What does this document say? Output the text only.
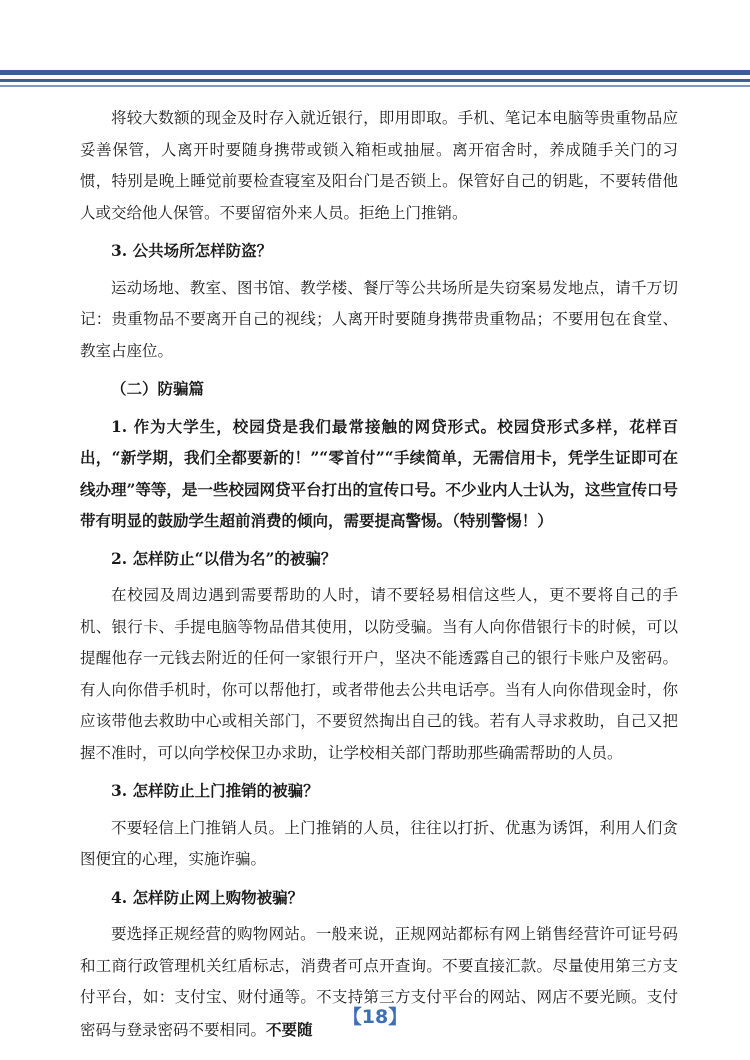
将较大数额的现金及时存入就近银行，即用即取。手机、笔记本电脑等贵重物品应妥善保管，人离开时要随身携带或锁入箱柜或抽屉。离开宿舍时，养成随手关门的习惯，特别是晚上睡觉前要检查寝室及阳台门是否锁上。保管好自己的钥匙，不要转借他人或交给他人保管。不要留宿外来人员。拒绝上门推销。

3. 公共场所怎样防盗？

运动场地、教室、图书馆、教学楼、餐厅等公共场所是失窃案易发地点，请千万切记：贵重物品不要离开自己的视线；人离开时要随身携带贵重物品；不要用包在食堂、教室占座位。

（二）防骗篇

1. 作为大学生，校园贷是我们最常接触的网贷形式。校园贷形式多样，花样百出，“新学期，我们全都要新的！”“零首付”“手续简单，无需信用卡，凭学生证即可在线办理”等等，是一些校园网贷平台打出的宣传口号。不少业内人士认为，这些宣传口号带有明显的鼓励学生超前消费的倾向，需要提高警惕。（特别警惕！）

2. 怎样防止“以借为名”的被骗？

在校园及周边遇到需要帮助的人时，请不要轻易相信这些人，更不要将自己的手机、银行卡、手提电脑等物品借其使用，以防受骗。当有人向你借银行卡的时候，可以提醒他存一元钱去附近的任何一家银行开户，坚决不能透露自己的银行卡账户及密码。有人向你借手机时，你可以帮他打，或者带他去公共电话亭。当有人向你借现金时，你应该带他去救助中心或相关部门，不要贸然掏出自己的钱。若有人寻求救助，自己又把握不准时，可以向学校保卫办求助，让学校相关部门帮助那些确需帮助的人员。

3. 怎样防止上门推销的被骗？

不要轻信上门推销人员。上门推销的人员，往往以打折、优惠为诱饵，利用人们贪图便宜的心理，实施诈骗。

4. 怎样防止网上购物被骗？

要选择正规经营的购物网站。一般来说，正规网站都标有网上销售经营许可证号码和工商行政管理机关红盾标志，消费者可点开查询。不要直接汇款。尽量使用第三方支付平台，如：支付宝、财付通等。不支持第三方支付平台的网站、网店不要光顾。支付密码与登录密码不要相同。不要随

【18】
